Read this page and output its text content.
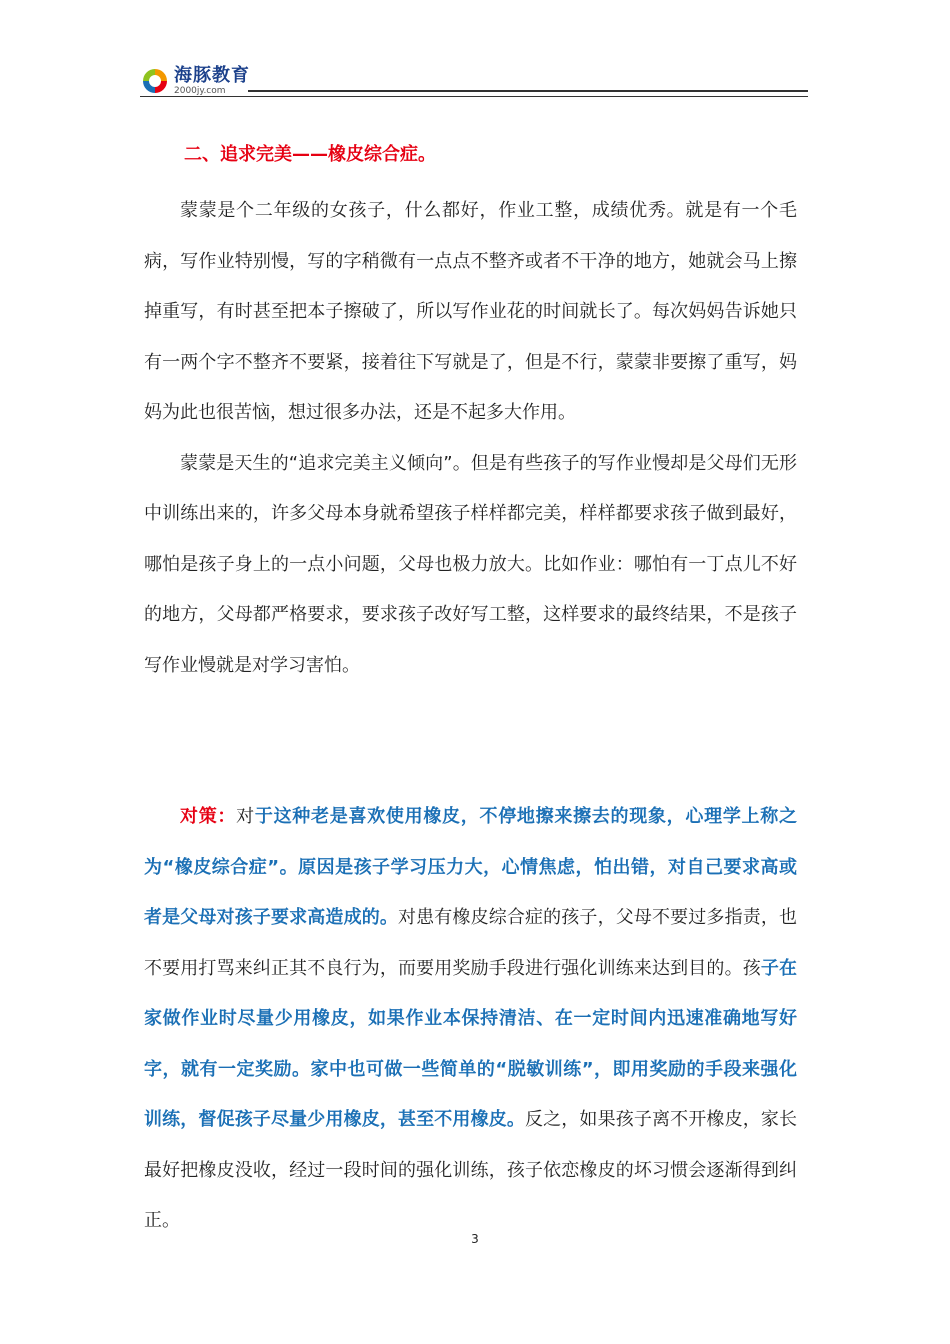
海豚教育
2000jy.com
二、追求完美——橡皮综合症。

蒙蒙是个二年级的女孩子，什么都好，作业工整，成绩优秀。就是有一个毛病，写作业特别慢，写的字稍微有一点点不整齐或者不干净的地方，她就会马上擦掉重写，有时甚至把本子擦破了，所以写作业花的时间就长了。每次妈妈告诉她只有一两个字不整齐不要紧，接着往下写就是了，但是不行，蒙蒙非要擦了重写，妈妈为此也很苦恼，想过很多办法，还是不起多大作用。

蒙蒙是天生的“追求完美主义倾向”。但是有些孩子的写作业慢却是父母们无形中训练出来的，许多父母本身就希望孩子样样都完美，样样都要求孩子做到最好，哪怕是孩子身上的一点小问题，父母也极力放大。比如作业：哪怕有一丁点儿不好的地方，父母都严格要求，要求孩子改好写工整，这样要求的最终结果，不是孩子写作业慢就是对学习害怕。

对策：对于这种老是喜欢使用橡皮，不停地擦来擦去的现象，心理学上称之为“橡皮综合症”。原因是孩子学习压力大，心情焦虑，怕出错，对自己要求高或者是父母对孩子要求高造成的。对患有橡皮综合症的孩子，父母不要过多指责，也不要用打骂来纠正其不良行为，而要用奖励手段进行强化训练来达到目的。孩子在家做作业时尽量少用橡皮，如果作业本保持清洁、在一定时间内迅速准确地写好字，就有一定奖励。家中也可做一些简单的“脱敏训练”，即用奖励的手段来强化训练，督促孩子尽量少用橡皮，甚至不用橡皮。反之，如果孩子离不开橡皮，家长最好把橡皮没收，经过一段时间的强化训练，孩子依恋橡皮的坏习惯会逐渐得到纠正。

3
